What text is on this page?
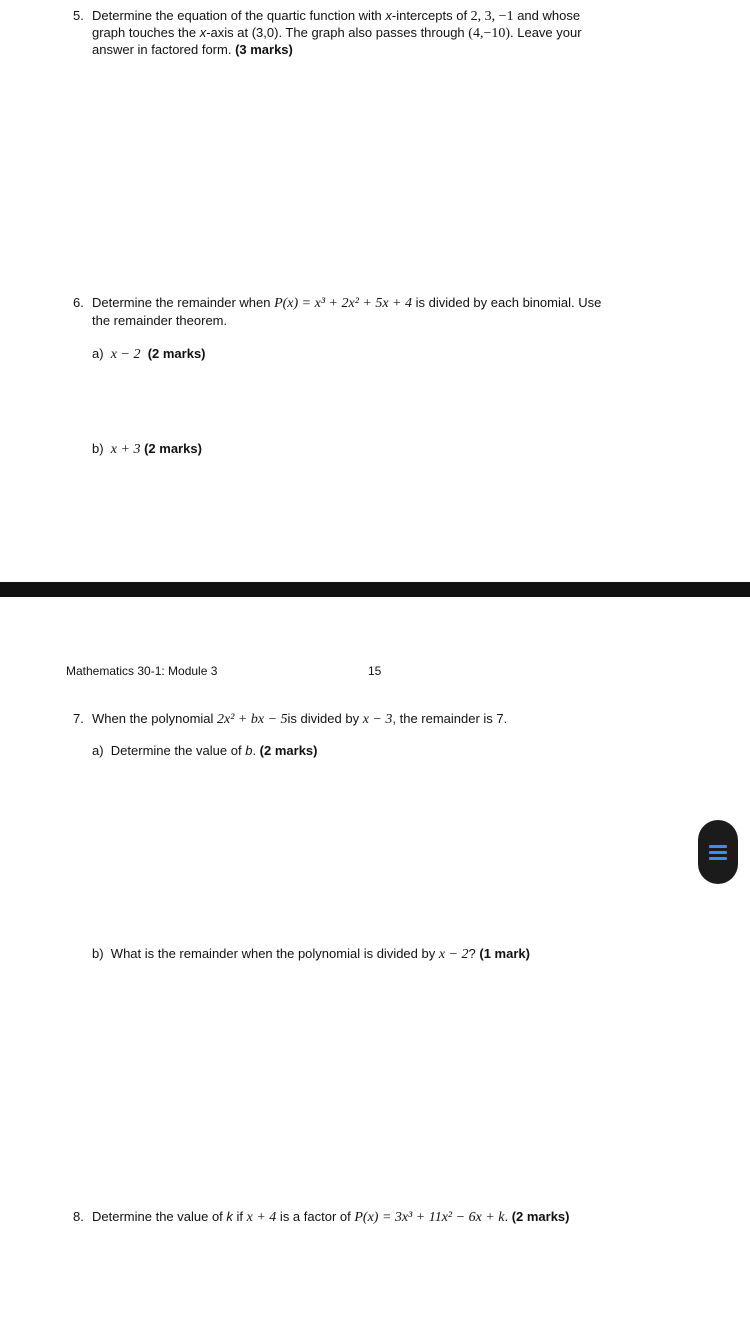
5. Determine the equation of the quartic function with x-intercepts of 2, 3, −1 and whose
graph touches the x-axis at (3,0). The graph also passes through (4,−10). Leave your
answer in factored form. (3 marks)
6. Determine the remainder when P(x) = x³ + 2x² + 5x + 4 is divided by each binomial. Use
the remainder theorem.
a) x − 2 (2 marks)
b) x + 3 (2 marks)
Mathematics 30-1: Module 3	15
7. When the polynomial 2x² + bx − 5is divided by x − 3, the remainder is 7.
a) Determine the value of b. (2 marks)
b) What is the remainder when the polynomial is divided by x − 2? (1 mark)
8. Determine the value of k if x + 4 is a factor of P(x) = 3x³ + 11x² − 6x + k. (2 marks)
